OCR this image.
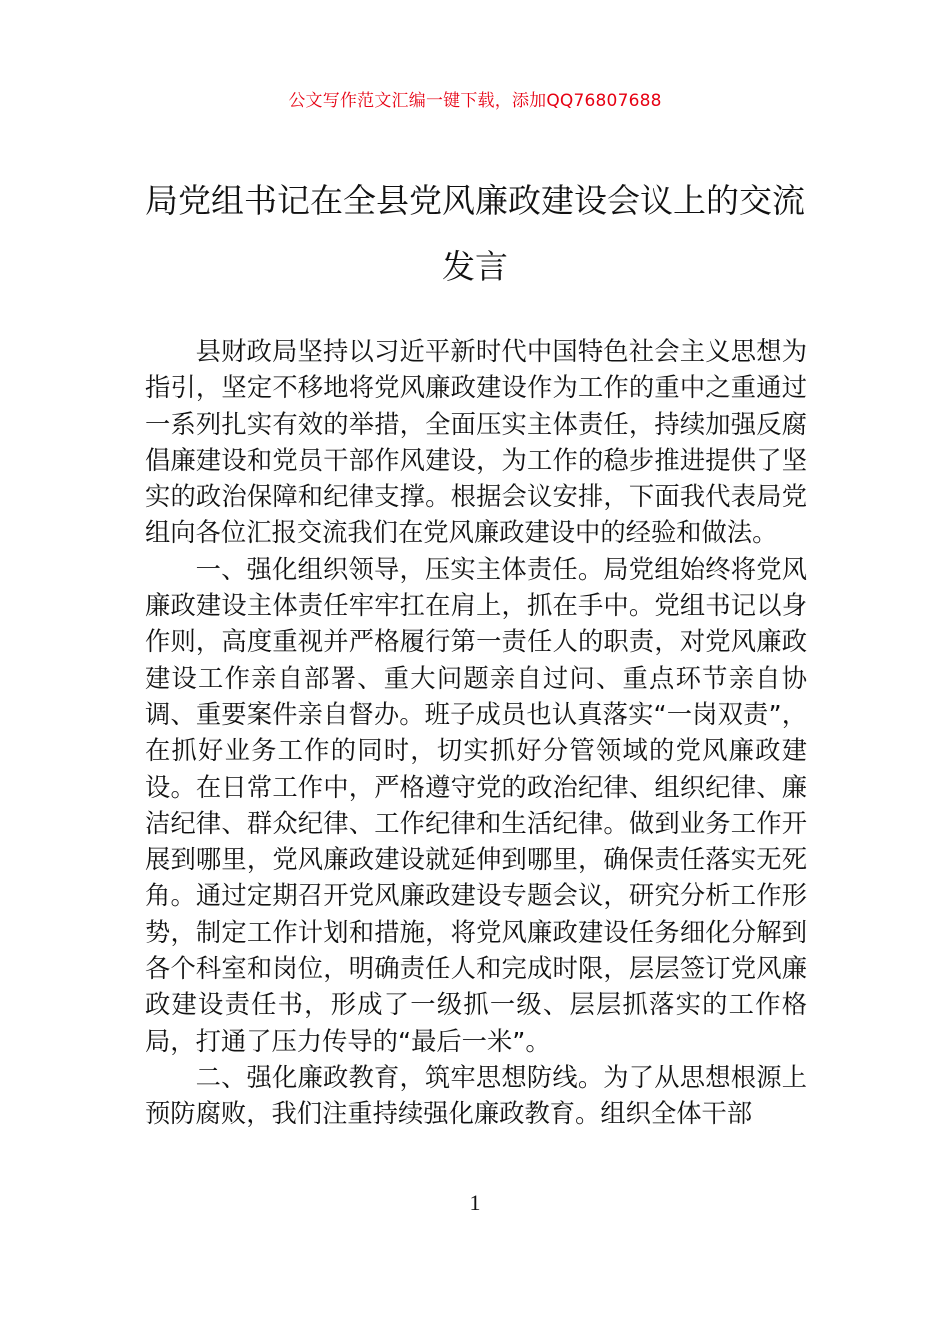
公文写作范文汇编一键下载，添加QQ76807688
局党组书记在全县党风廉政建设会议上的交流发言

县财政局坚持以习近平新时代中国特色社会主义思想为指引，坚定不移地将党风廉政建设作为工作的重中之重通过一系列扎实有效的举措，全面压实主体责任，持续加强反腐倡廉建设和党员干部作风建设，为工作的稳步推进提供了坚实的政治保障和纪律支撑。根据会议安排，下面我代表局党组向各位汇报交流我们在党风廉政建设中的经验和做法。

一、强化组织领导，压实主体责任。局党组始终将党风廉政建设主体责任牢牢扛在肩上，抓在手中。党组书记以身作则，高度重视并严格履行第一责任人的职责，对党风廉政建设工作亲自部署、重大问题亲自过问、重点环节亲自协调、重要案件亲自督办。班子成员也认真落实“一岗双责”，在抓好业务工作的同时，切实抓好分管领域的党风廉政建设。在日常工作中，严格遵守党的政治纪律、组织纪律、廉洁纪律、群众纪律、工作纪律和生活纪律。做到业务工作开展到哪里，党风廉政建设就延伸到哪里，确保责任落实无死角。通过定期召开党风廉政建设专题会议，研究分析工作形势，制定工作计划和措施，将党风廉政建设任务细化分解到各个科室和岗位，明确责任人和完成时限，层层签订党风廉政建设责任书，形成了一级抓一级、层层抓落实的工作格局，打通了压力传导的“最后一米”。

二、强化廉政教育，筑牢思想防线。为了从思想根源上预防腐败，我们注重持续强化廉政教育。组织全体干部

1
